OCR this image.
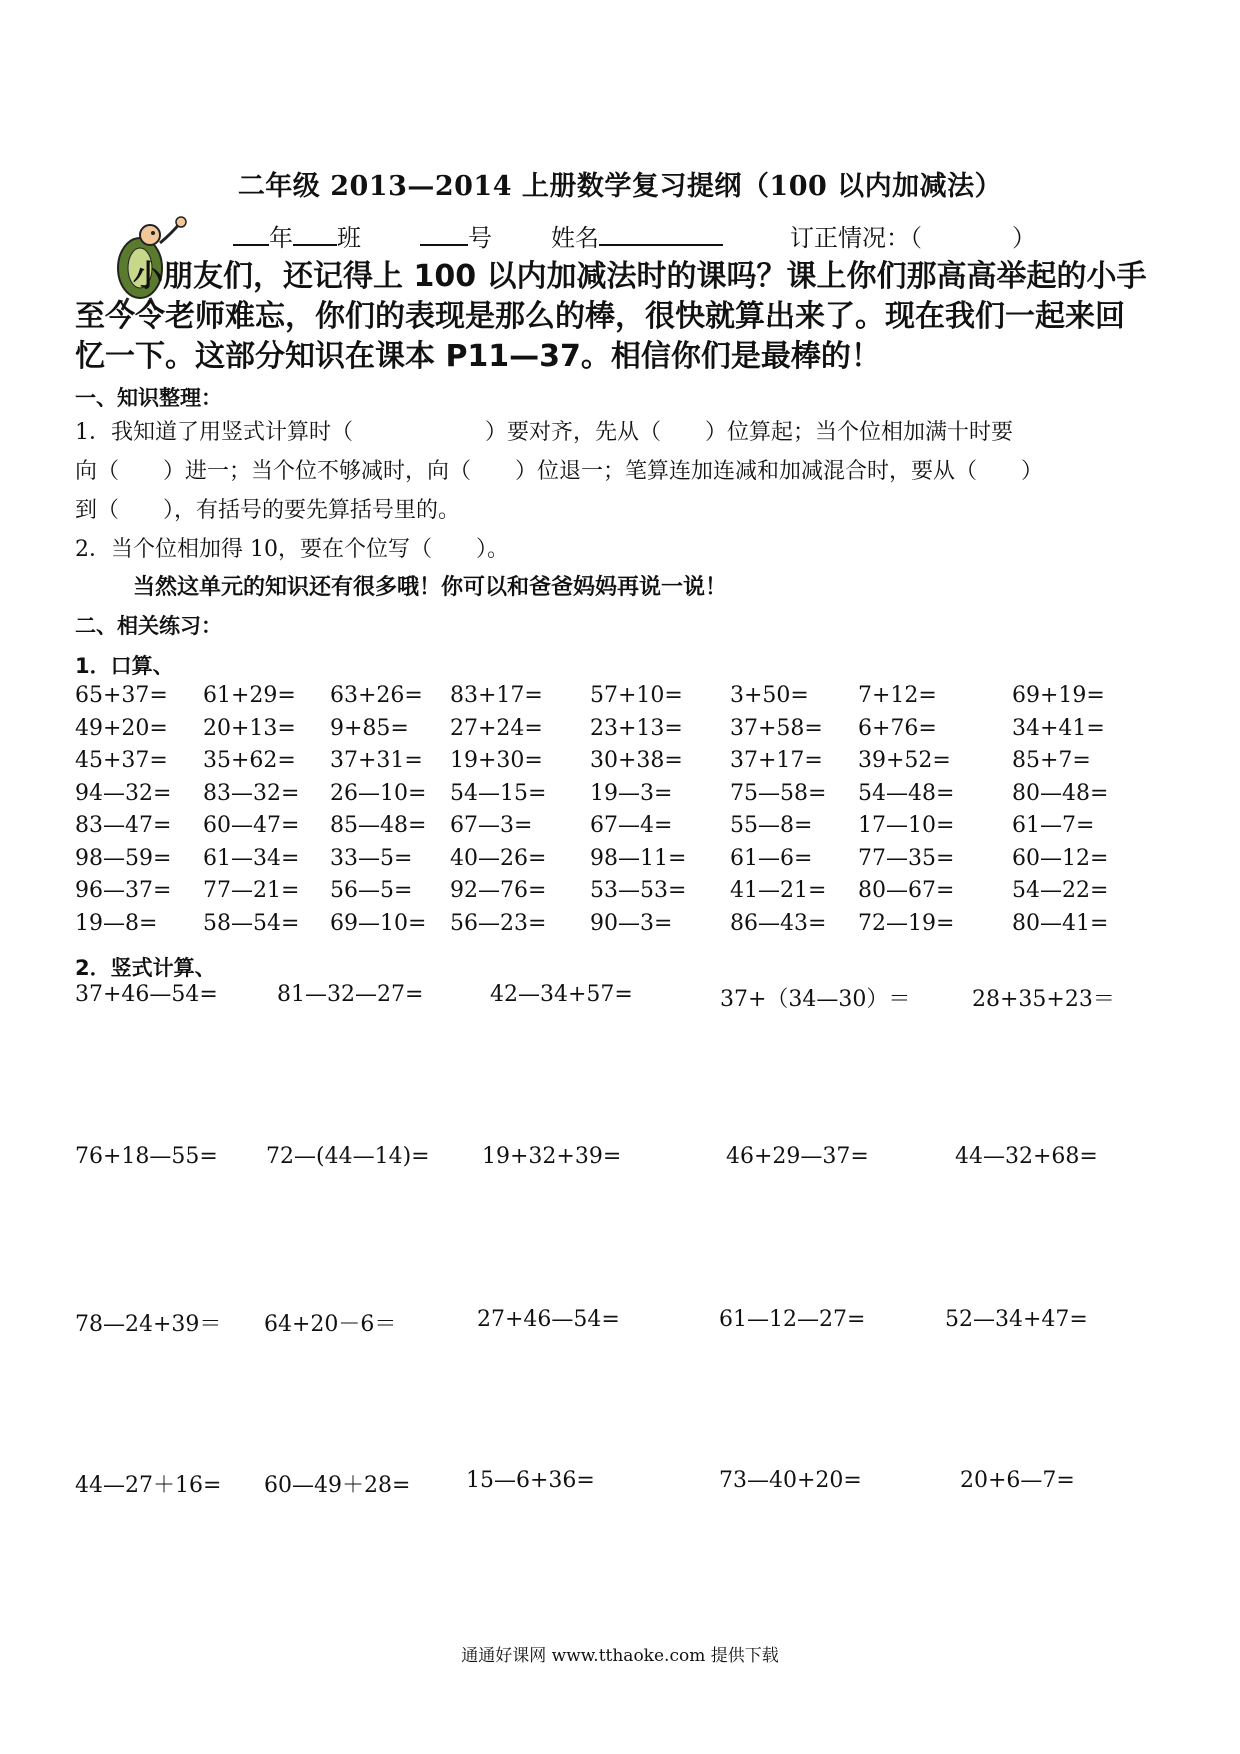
二年级 2013—2014 上册数学复习提纲（100 以内加减法）
年 班	号 姓名	订正情况：（	）
小朋友们，还记得上 100 以内加减法时的课吗？课上你们那高高举起的小手
至今令老师难忘，你们的表现是那么的棒，很快就算出来了。现在我们一起来回
忆一下。这部分知识在课本 P11—37。相信你们是最棒的！
一、知识整理：
1．我知道了用竖式计算时（　　　　　　）要对齐，先从（　　）位算起；当个位相加满十时要
向（　　）进一；当个位不够减时，向（　　）位退一；笔算连加连减和加减混合时，要从（　　）
到（　　），有括号的要先算括号里的。
2．当个位相加得 10，要在个位写（　　）。
当然这单元的知识还有很多哦！你可以和爸爸妈妈再说一说！
二、相关练习：
1．口算、
65+37= 61+29= 63+26= 83+17= 57+10= 3+50= 7+12=	69+19=
49+20= 20+13= 9+85= 27+24= 23+13= 37+58= 6+76=	34+41=
45+37= 35+62= 37+31= 19+30= 30+38= 37+17= 39+52=	85+7=
94—32= 83—32= 26—10= 54—15= 19—3=	75—58= 54—48=	80—48=
83—47= 60—47= 85—48= 67—3=	67—4=	55—8= 17—10=	61—7=
98—59= 61—34= 33—5= 40—26= 98—11= 61—6= 77—35=	60—12=
96—37= 77—21= 56—5= 92—76= 53—53= 41—21= 80—67=	54—22=
19—8= 58—54= 69—10= 56—23= 90—3=	86—43= 72—19=	80—41=
2．竖式计算、
37+46—54=	81—32—27=	42—34+57=	37+（34—30）＝	28+35+23＝
76+18—55= 72—(44—14)= 19+32+39=	46+29—37=	44—32+68=
78—24+39＝ 64+20－6＝	27+46—54=	61—12—27=	52—34+47=
44—27＋16= 60—49＋28=	15—6+36=	73—40+20=	20+6—7=
通通好课网 www.tthaoke.com 提供下载
